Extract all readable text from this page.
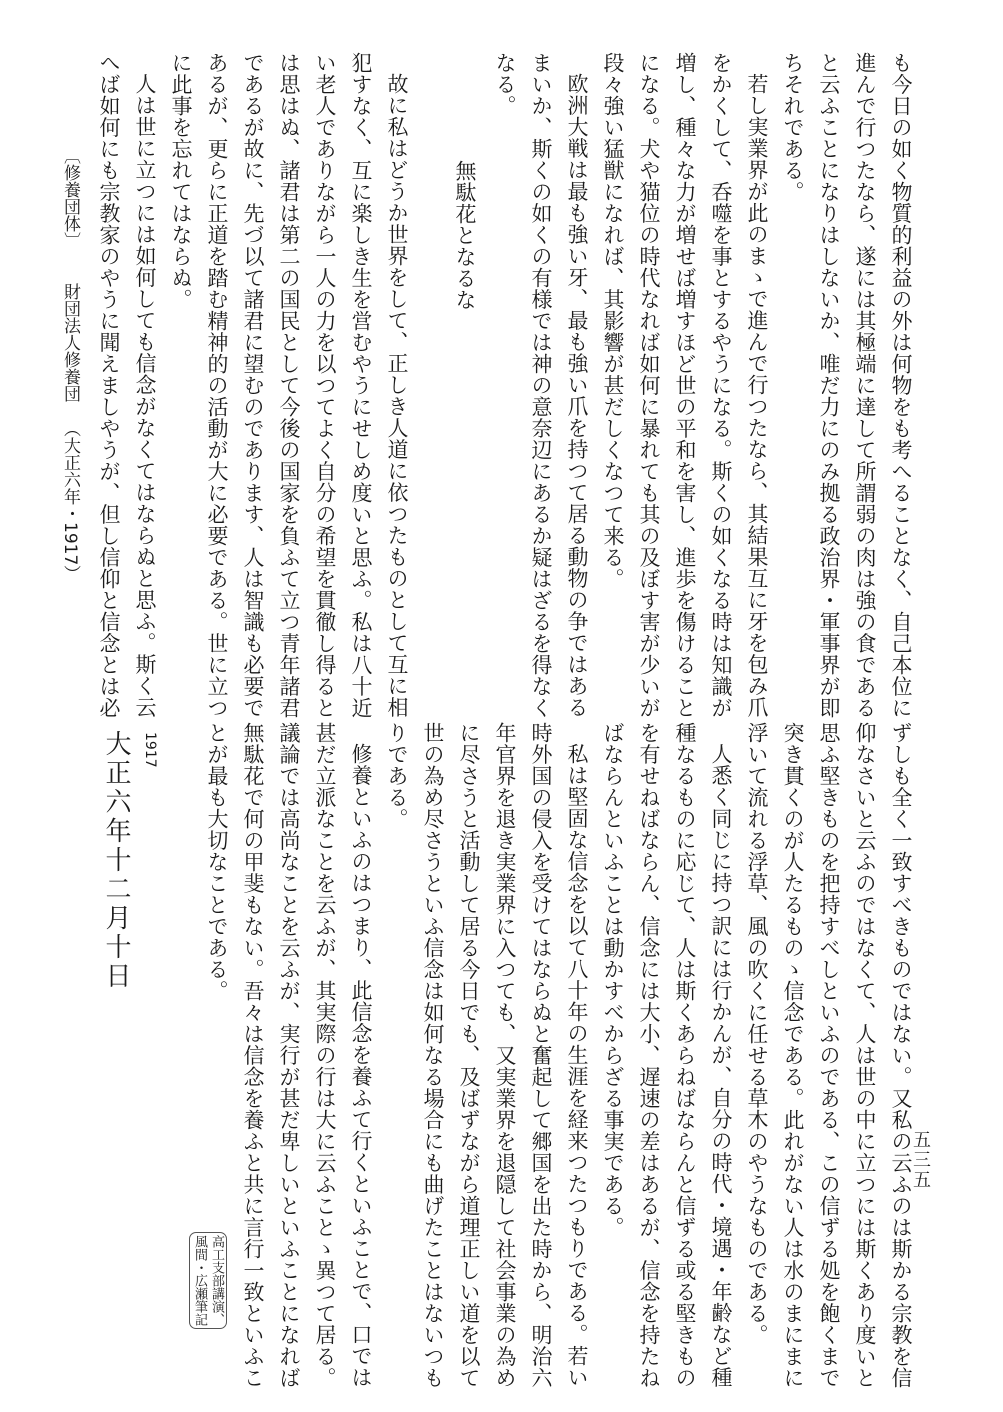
も今日の如く物質的利益の外は何物をも考へることなく、自己本位に

進んで行つたなら、遂には其極端に達して所謂弱の肉は強の食である

と云ふことになりはしないか、唯だ力にのみ拠る政治界・軍事界が即

ちそれである。

若し実業界が此のまゝで進んで行つたなら、其結果互に牙を包み爪

をかくして、呑噬を事とするやうになる。斯くの如くなる時は知識が

増し、種々な力が増せば増すほど世の平和を害し、進歩を傷けること

になる。犬や猫位の時代なれば如何に暴れても其の及ぼす害が少いが

段々強い猛獣になれば、其影響が甚だしくなつて来る。

欧洲大戦は最も強い牙、最も強い爪を持つて居る動物の争ではある

まいか、斯くの如くの有様では神の意奈辺にあるか疑はざるを得なく

なる。

故に私はどうか世界をして、正しき人道に依つたものとして互に相

犯すなく、互に楽しき生を営むやうにせしめ度いと思ふ。私は八十近

い老人でありながら一人の力を以つてよく自分の希望を貫徹し得ると

は思はぬ、諸君は第二の国民として今後の国家を負ふて立つ青年諸君

であるが故に、先づ以て諸君に望むのであります、人は智識も必要で

あるが、更らに正道を踏む精神的の活動が大に必要である。世に立つ

に此事を忘れてはならぬ。

人は世に立つには如何しても信念がなくてはならぬと思ふ。斯く云

へば如何にも宗教家のやうに聞えましやうが、但し信仰と信念とは必	無駄花となるな

ずしも全く一致すべきものではない。又私の云ふのは斯かる宗教を信

仰なさいと云ふのではなくて、人は世の中に立つには斯くあり度いと

思ふ堅きものを把持すべしといふのである、この信ずる処を飽くまで

突き貫くのが人たるものゝ信念である。此れがない人は水のまにまに

浮いて流れる浮草、風の吹くに任せる草木のやうなものである。

人悉く同じに持つ訳には行かんが、自分の時代・境遇・年齢など種

種なるものに応じて、人は斯くあらねばならんと信ずる或る堅きもの

を有せねばならん、信念には大小、遅速の差はあるが、信念を持たね

ばならんといふことは動かすべからざる事実である。

私は堅固な信念を以て八十年の生涯を経来つたつもりである。若い

時外国の侵入を受けてはならぬと奮起して郷国を出た時から、明治六

年官界を退き実業界に入つても、又実業界を退隠して社会事業の為め

に尽さうと活動して居る今日でも、及ばずながら道理正しい道を以て

世の為め尽さうといふ信念は如何なる場合にも曲げたことはないつも

りである。

修養といふのはつまり、此信念を養ふて行くといふことで、口では

甚だ立派なことを云ふが、其実際の行は大に云ふことゝ異つて居る。

議論では高尚なことを云ふが、実行が甚だ卑しいといふことになれば

無駄花で何の甲斐もない。吾々は信念を養ふと共に言行一致といふこ

とが最も大切なことである。

高工支部講演、
風間・広瀬筆記
1917
大正六年十二月十日
〔修養団体〕財団法人修養団（大正六年・1917）
五三五
